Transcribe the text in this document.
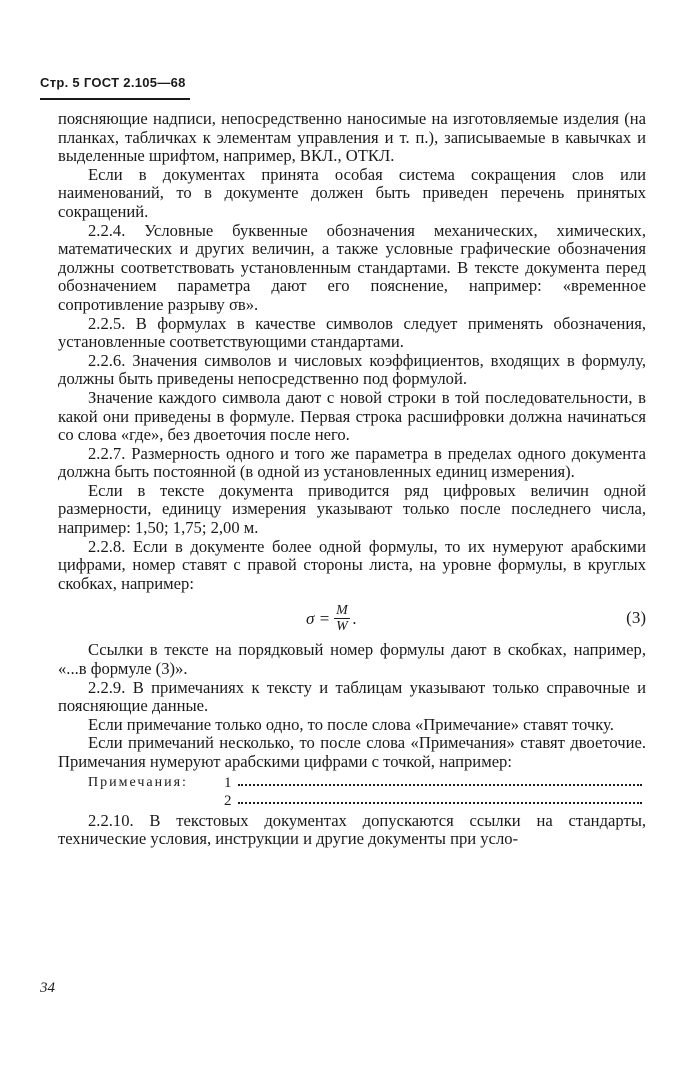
Стр. 5 ГОСТ 2.105—68

поясняющие надписи, непосредственно наносимые на изготовляемые изделия (на планках, табличках к элементам управления и т. п.), записываемые в кавычках и выделенные шрифтом, например, ВКЛ., ОТКЛ.

Если в документах принята особая система сокращения слов или наименований, то в документе должен быть приведен перечень принятых сокращений.

2.2.4. Условные буквенные обозначения механических, химических, математических и других величин, а также условные графические обозначения должны соответствовать установленным стандартами. В тексте документа перед обозначением параметра дают его пояснение, например: «временное сопротивление разрыву σв».

2.2.5. В формулах в качестве символов следует применять обозначения, установленные соответствующими стандартами.

2.2.6. Значения символов и числовых коэффициентов, входящих в формулу, должны быть приведены непосредственно под формулой.

Значение каждого символа дают с новой строки в той последовательности, в какой они приведены в формуле. Первая строка расшифровки должна начинаться со слова «где», без двоеточия после него.

2.2.7. Размерность одного и того же параметра в пределах одного документа должна быть постоянной (в одной из установленных единиц измерения).

Если в тексте документа приводится ряд цифровых величин одной размерности, единицу измерения указывают только после последнего числа, например: 1,50; 1,75; 2,00 м.

2.2.8. Если в документе более одной формулы, то их нумеруют арабскими цифрами, номер ставят с правой стороны листа, на уровне формулы, в круглых скобках, например:

$\sigma = \frac{M}{W}$ .	(3)

Ссылки в тексте на порядковый номер формулы дают в скобках, например, «...в формуле (3)».

2.2.9. В примечаниях к тексту и таблицам указывают только справочные и поясняющие данные.

Если примечание только одно, то после слова «Примечание» ставят точку.

Если примечаний несколько, то после слова «Примечания» ставят двоеточие. Примечания нумеруют арабскими цифрами с точкой, например:

Примечания: 1
2

2.2.10. В текстовых документах допускаются ссылки на стандарты, технические условия, инструкции и другие документы при усло-

34
